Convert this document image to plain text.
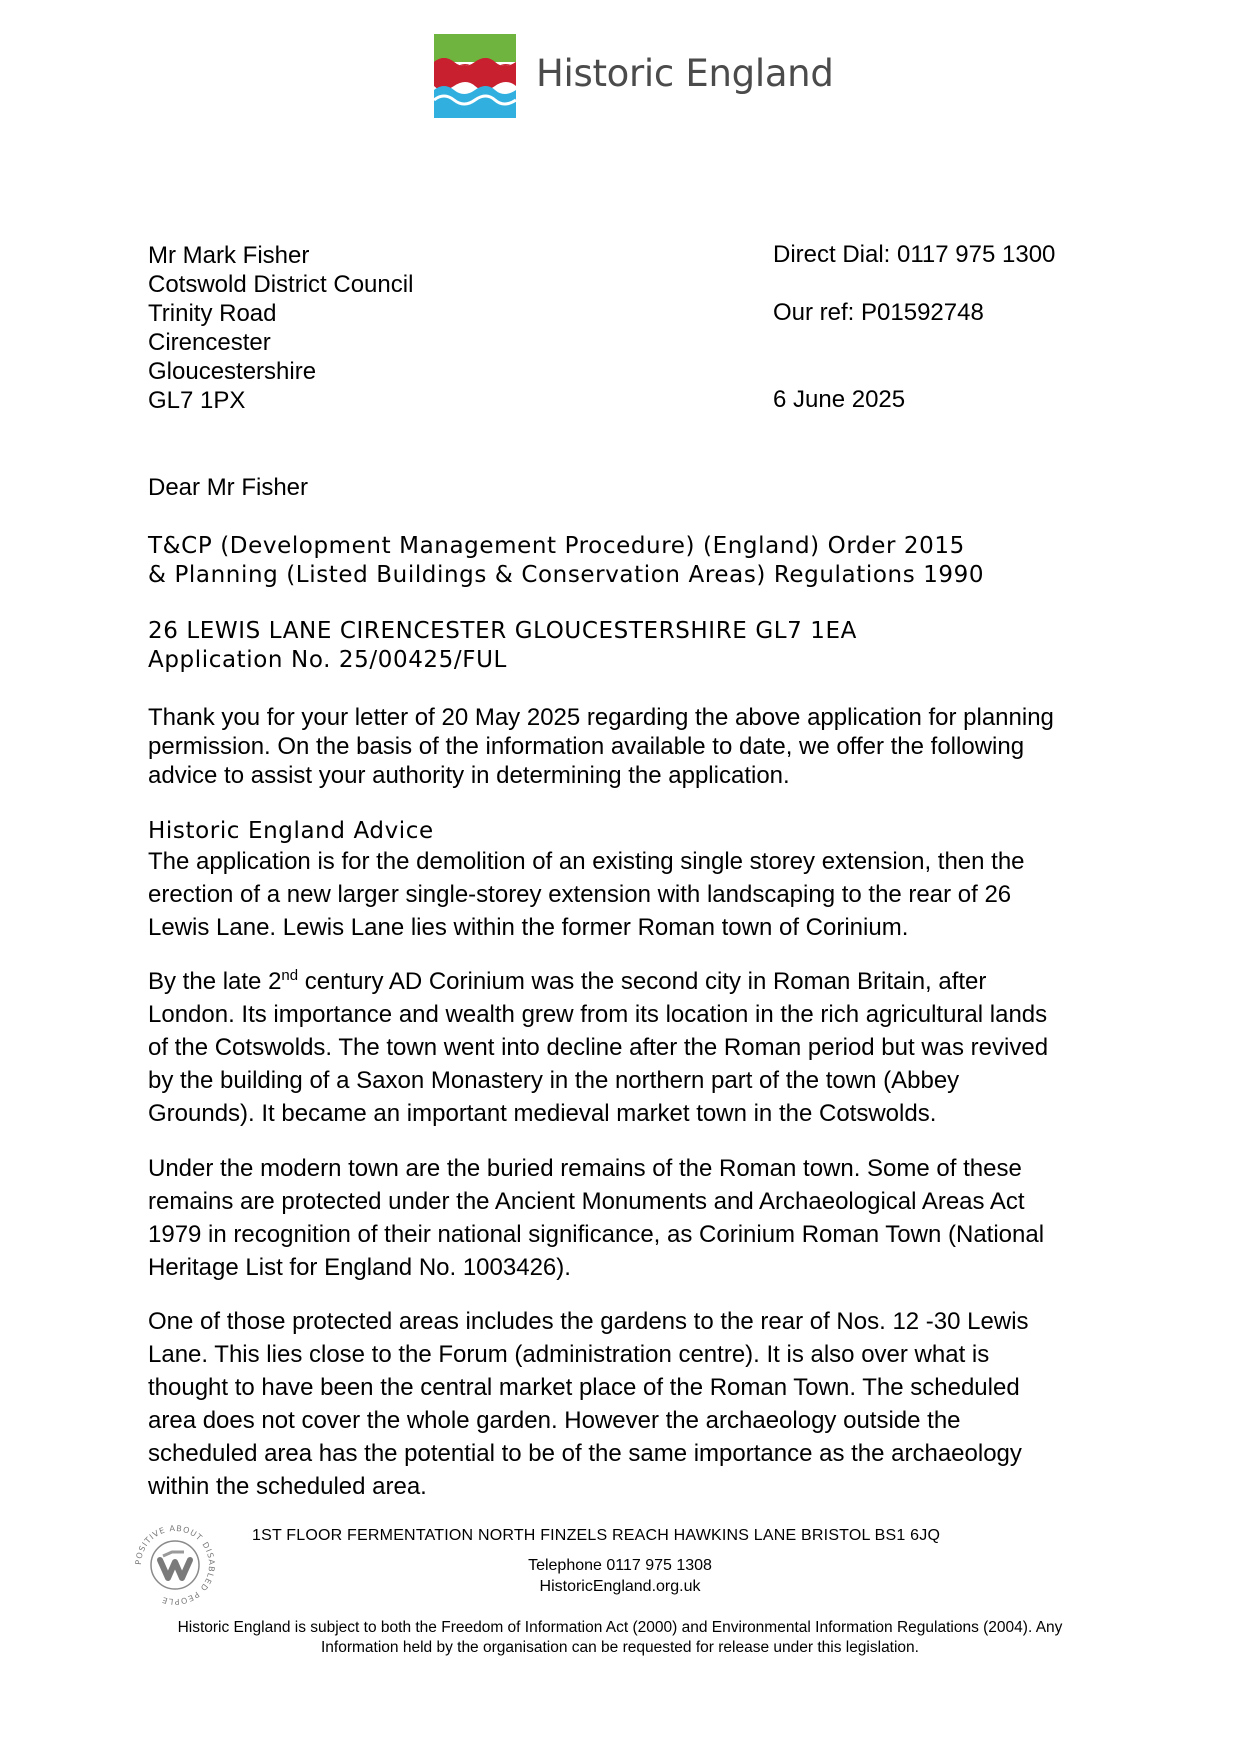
Historic England
Mr Mark Fisher
Cotswold District Council
Trinity Road
Cirencester
Gloucestershire
GL7 1PX
Direct Dial: 0117 975 1300
Our ref: P01592748
6 June 2025
Dear Mr Fisher
T&CP (Development Management Procedure) (England) Order 2015
& Planning (Listed Buildings & Conservation Areas) Regulations 1990
26 LEWIS LANE CIRENCESTER GLOUCESTERSHIRE GL7 1EA
Application No. 25/00425/FUL
Thank you for your letter of 20 May 2025 regarding the above application for planning
permission. On the basis of the information available to date, we offer the following
advice to assist your authority in determining the application.
Historic England Advice
The application is for the demolition of an existing single storey extension, then the
erection of a new larger single-storey extension with landscaping to the rear of 26
Lewis Lane. Lewis Lane lies within the former Roman town of Corinium.
By the late 2nd century AD Corinium was the second city in Roman Britain, after
London. Its importance and wealth grew from its location in the rich agricultural lands
of the Cotswolds. The town went into decline after the Roman period but was revived
by the building of a Saxon Monastery in the northern part of the town (Abbey
Grounds). It became an important medieval market town in the Cotswolds.
Under the modern town are the buried remains of the Roman town. Some of these
remains are protected under the Ancient Monuments and Archaeological Areas Act
1979 in recognition of their national significance, as Corinium Roman Town (National
Heritage List for England No. 1003426).
One of those protected areas includes the gardens to the rear of Nos. 12 -30 Lewis
Lane. This lies close to the Forum (administration centre). It is also over what is
thought to have been the central market place of the Roman Town. The scheduled
area does not cover the whole garden. However the archaeology outside the
scheduled area has the potential to be of the same importance as the archaeology
within the scheduled area.
POSITIVE ABOUT DISABLED PEOPLE
1ST FLOOR FERMENTATION NORTH FINZELS REACH HAWKINS LANE BRISTOL BS1 6JQ
Telephone 0117 975 1308
HistoricEngland.org.uk
Historic England is subject to both the Freedom of Information Act (2000) and Environmental Information Regulations (2004). Any
Information held by the organisation can be requested for release under this legislation.
